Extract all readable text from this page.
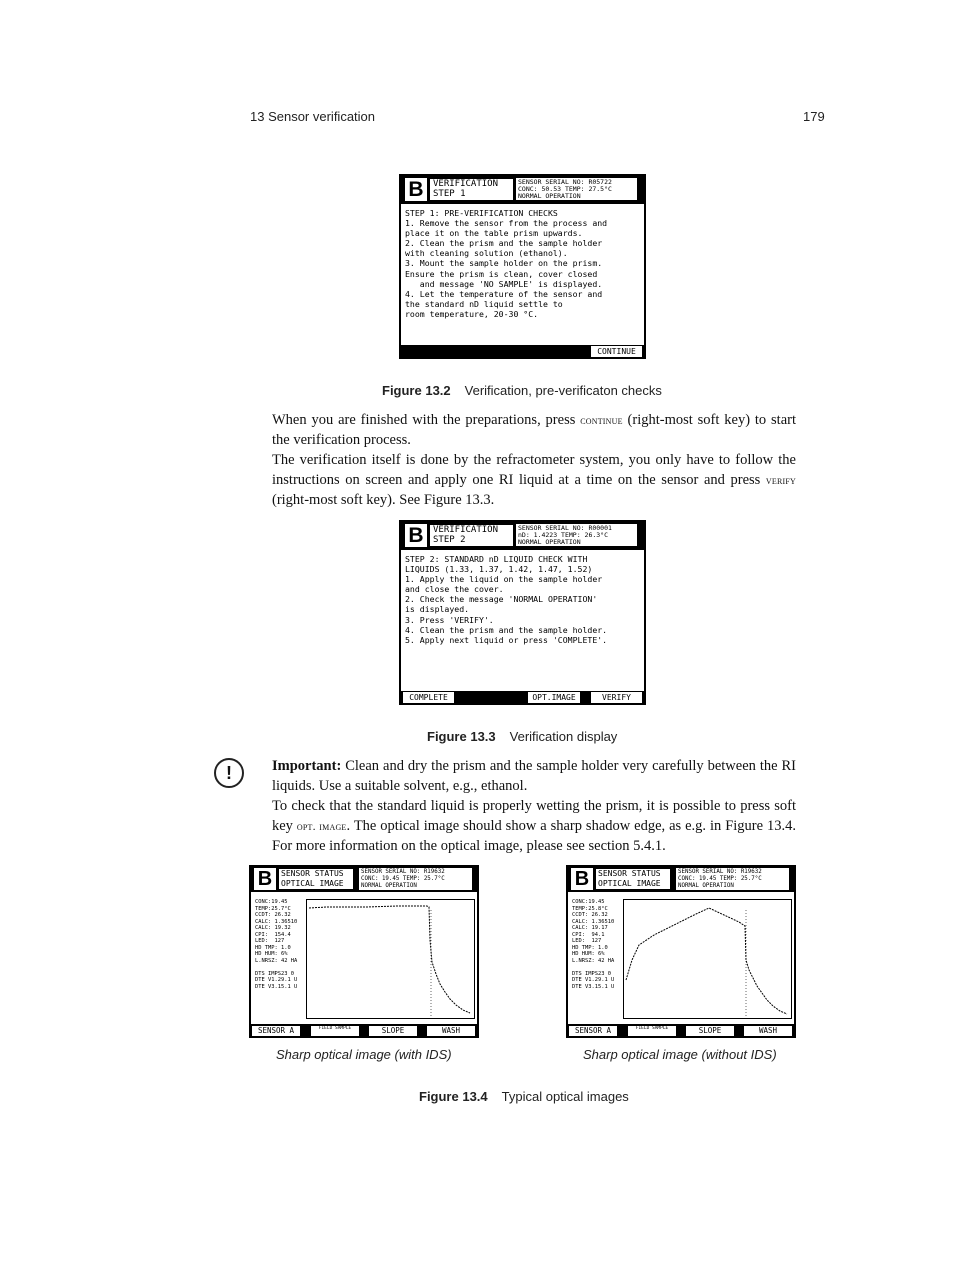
13 Sensor verification	179
B	VERIFICATION
STEP 1
SENSOR SERIAL NO: R05722
CONC: 50.53 TEMP: 27.5°C
NORMAL OPERATION
STEP 1: PRE-VERIFICATION CHECKS
1. Remove the sensor from the process and
place it on the table prism upwards.
2. Clean the prism and the sample holder
with cleaning solution (ethanol).
3. Mount the sample holder on the prism.
Ensure the prism is clean, cover closed
and message 'NO SAMPLE' is displayed.
4. Let the temperature of the sensor and
the standard nD liquid settle to
room temperature, 20-30 °C.
CONTINUE
Figure 13.2 Verification, pre-verificaton checks

When you are finished with the preparations, press continue (right-most soft key) to start the verification process.

The verification itself is done by the refractometer system, you only have to follow the instructions on screen and apply one RI liquid at a time on the sensor and press verify (right-most soft key). See Figure 13.3.

B	VERIFICATION
STEP 2
SENSOR SERIAL NO: R00001
nD: 1.4223 TEMP: 26.3°C
NORMAL OPERATION
STEP 2: STANDARD nD LIQUID CHECK WITH
LIQUIDS (1.33, 1.37, 1.42, 1.47, 1.52)
1. Apply the liquid on the sample holder
and close the cover.
2. Check the message 'NORMAL OPERATION'
is displayed.
3. Press 'VERIFY'.
4. Clean the prism and the sample holder.
5. Apply next liquid or press 'COMPLETE'.
COMPLETE	OPT.IMAGE	VERIFY
Figure 13.3 Verification display
!	Important: Clean and dry the prism and the sample holder very carefully between the RI liquids. Use a suitable solvent, e.g., ethanol.

To check that the standard liquid is properly wetting the prism, it is possible to press soft key opt. image. The optical image should show a sharp shadow edge, as e.g. in Figure 13.4. For more information on the optical image, please see section 5.4.1.

B	SENSOR STATUS
OPTICAL IMAGE
SENSOR SERIAL NO: R19632
CONC: 19.45 TEMP: 25.7°C
NORMAL OPERATION
CONC:19.45
TEMP:25.7°C
CCDT: 26.32
CALC: 1.36510
CALC: 19.32
CPI:  154.4
LED:  127
HD TMP: 1.0
HD HUM: 6%
L.NRSZ: 42 HA

DTS IMPS23 0
DTE V1.29.1 U
DTE V3.15.1 U
SENSOR A	FIELD SAMPLE	SLOPE	WASH
B	SENSOR STATUS
OPTICAL IMAGE
SENSOR SERIAL NO: R19632
CONC: 19.45 TEMP: 25.7°C
NORMAL OPERATION
CONC:19.45
TEMP:25.8°C
CCDT: 26.32
CALC: 1.36510
CALC: 19.17
CPI:  94.1
LED:  127
HD TMP: 1.0
HD HUM: 6%
L.NRSZ: 42 HA

DTS IMPS23 0
DTE V1.29.1 U
DTE V3.15.1 U
SENSOR A	FIELD SAMPLE	SLOPE	WASH
Sharp optical image (with IDS)	Sharp optical image (without IDS)
Figure 13.4 Typical optical images
